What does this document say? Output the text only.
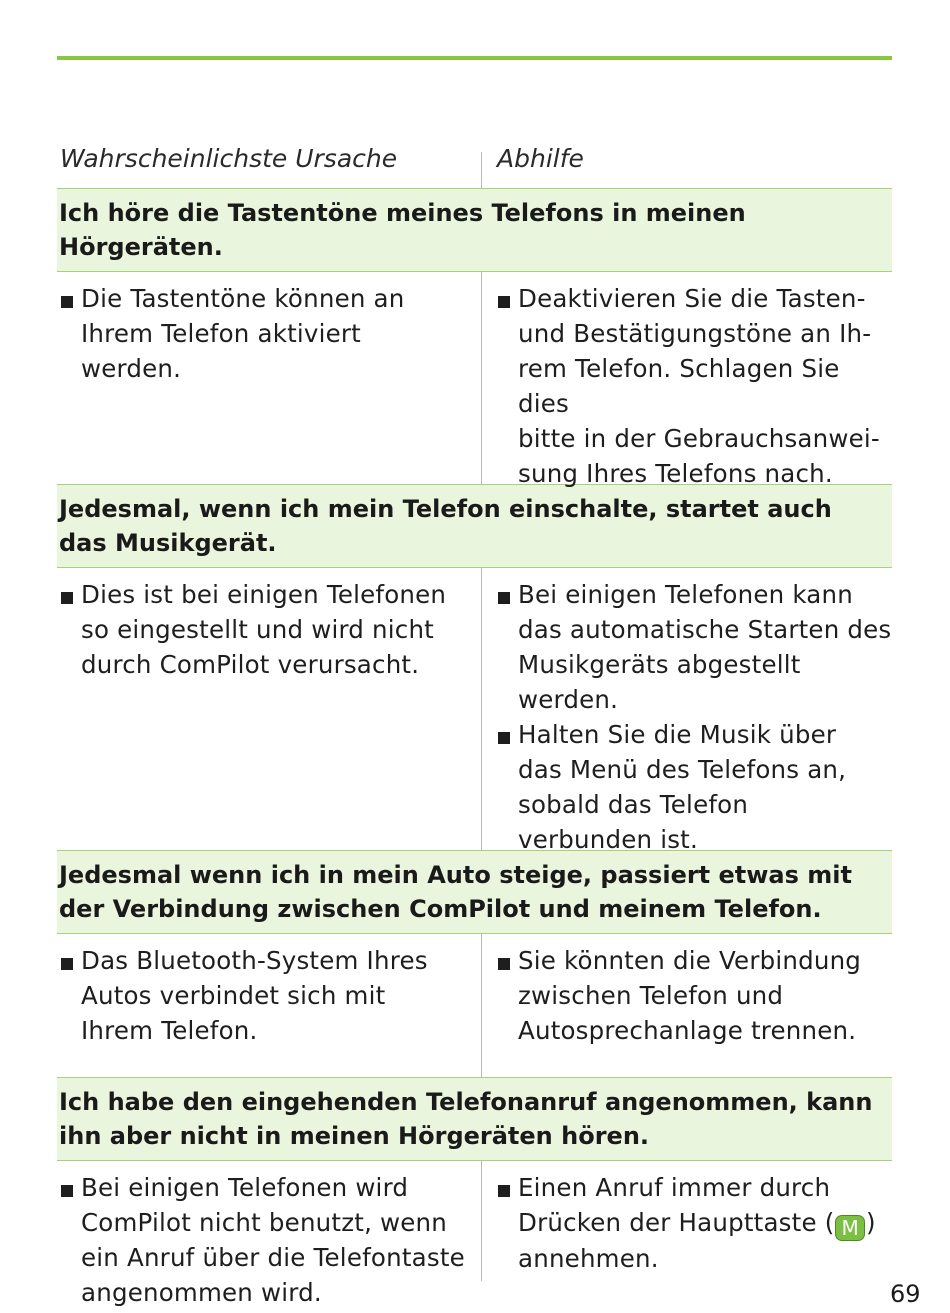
Wahrscheinlichste Ursache	Abhilfe
Ich höre die Tastentöne meines Telefons in meinen Hörgeräten.
Die Tastentöne können an
Ihrem Telefon aktiviert
werden.
Deaktivieren Sie die Tasten-
und Bestätigungstöne an Ih-
rem Telefon. Schlagen Sie dies
bitte in der Gebrauchsanwei-
sung Ihres Telefons nach.
Jedesmal, wenn ich mein Telefon einschalte, startet auch
das Musikgerät.
Dies ist bei einigen Telefonen
so eingestellt und wird nicht
durch ComPilot verursacht.
Bei einigen Telefonen kann
das automatische Starten des
Musikgeräts abgestellt werden.
Halten Sie die Musik über
das Menü des Telefons an,
sobald das Telefon
verbunden ist.
Jedesmal wenn ich in mein Auto steige, passiert etwas mit
der Verbindung zwischen ComPilot und meinem Telefon.
Das Bluetooth-System Ihres
Autos verbindet sich mit
Ihrem Telefon.
Sie könnten die Verbindung
zwischen Telefon und
Autosprechanlage trennen.
Ich habe den eingehenden Telefonanruf angenommen, kann
ihn aber nicht in meinen Hörgeräten hören.
Bei einigen Telefonen wird
ComPilot nicht benutzt, wenn
ein Anruf über die Telefontaste
angenommen wird.
Einen Anruf immer durch
Drücken der Haupttaste ( M )
annehmen.
69
